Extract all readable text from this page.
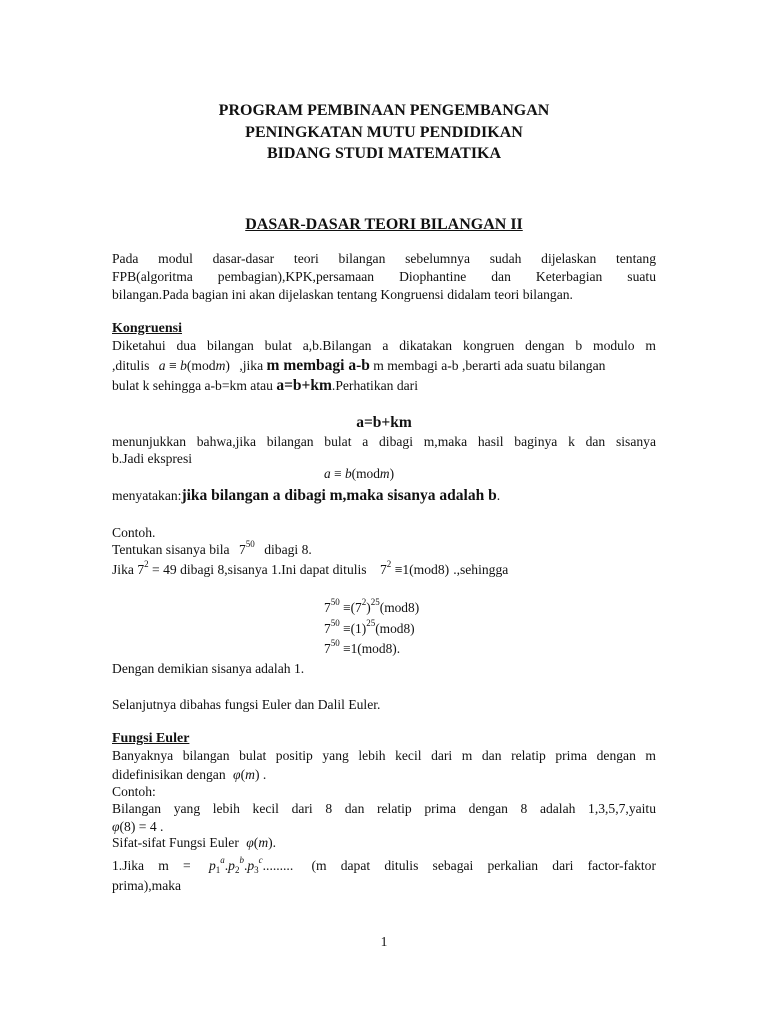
PROGRAM PEMBINAAN PENGEMBANGAN
PENINGKATAN MUTU PENDIDIKAN
BIDANG STUDI MATEMATIKA
DASAR-DASAR TEORI BILANGAN II
Pada modul dasar-dasar teori bilangan sebelumnya sudah dijelaskan tentang
FPB(algoritma pembagian),KPK,persamaan Diophantine dan Keterbagian suatu
bilangan.Pada bagian ini akan dijelaskan tentang Kongruensi didalam teori bilangan.
Kongruensi
Diketahui dua bilangan bulat a,b.Bilangan a dikatakan kongruen dengan b modulo m
,ditulis a ≡ b(modm) ,jika m membagi a-b m membagi a-b ,berarti ada suatu bilangan
bulat k sehingga a-b=km atau a=b+km.Perhatikan dari
a=b+km
menunjukkan bahwa,jika bilangan bulat a dibagi m,maka hasil baginya k dan sisanya
b.Jadi ekspresi
a ≡ b(modm)
menyatakan:jika bilangan a dibagi m,maka sisanya adalah b.
Contoh.
Tentukan sisanya bila $7^{50}$ dibagi 8.
Jika $7^2 = 49$ dibagi 8,sisanya 1.Ini dapat ditulis $7^2 \equiv 1(mod8)$ .,sehingga
$7^{50} \equiv(7^2)^{25}(mod8)$
$7^{50} \equiv(1)^{25}(mod8)$
$7^{50} \equiv 1(mod8)$.
Dengan demikian sisanya adalah 1.
Selanjutnya dibahas fungsi Euler dan Dalil Euler.
Fungsi Euler
Banyaknya bilangan bulat positip yang lebih kecil dari m dan relatip prima dengan m
didefinisikan dengan φ(m) .
Contoh:
Bilangan yang lebih kecil dari 8 dan relatip prima dengan 8 adalah 1,3,5,7,yaitu
φ(8) = 4 .
Sifat-sifat Fungsi Euler φ(m).
1.Jika $m = p_1^a.p_2^b.p_3^c$......... (m dapat ditulis sebagai perkalian dari factor-faktor
prima),maka
1
